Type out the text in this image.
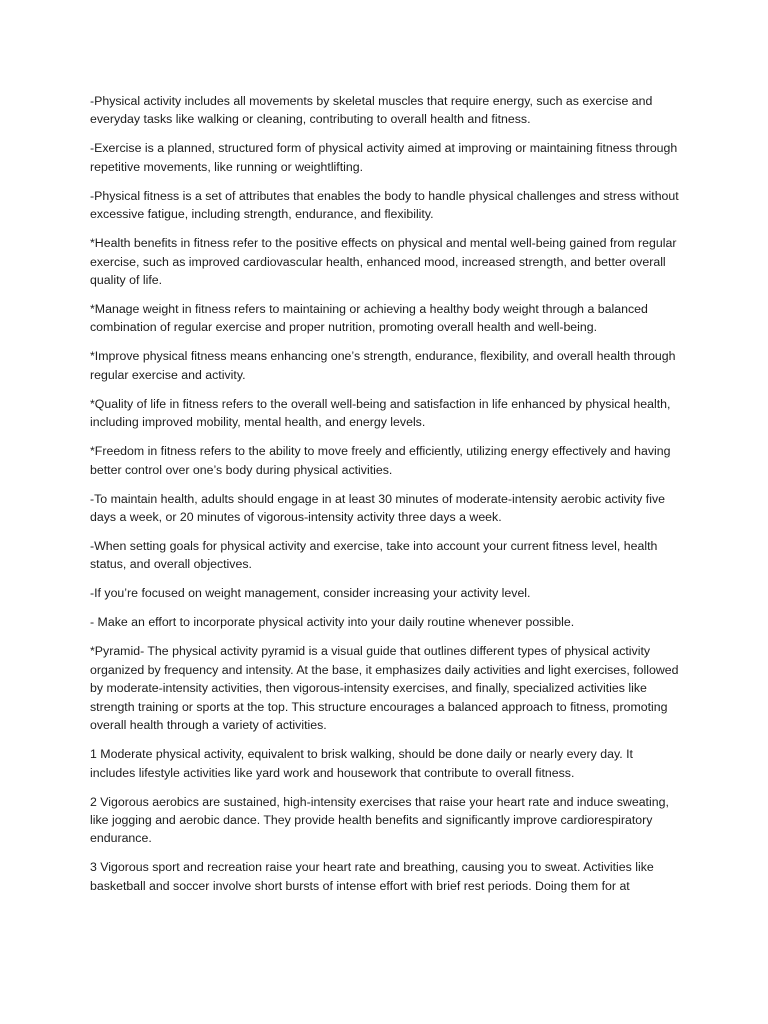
-Physical activity includes all movements by skeletal muscles that require energy, such as exercise and everyday tasks like walking or cleaning, contributing to overall health and fitness.

-Exercise is a planned, structured form of physical activity aimed at improving or maintaining fitness through repetitive movements, like running or weightlifting.

-Physical fitness is a set of attributes that enables the body to handle physical challenges and stress without excessive fatigue, including strength, endurance, and flexibility.

*Health benefits in fitness refer to the positive effects on physical and mental well-being gained from regular exercise, such as improved cardiovascular health, enhanced mood, increased strength, and better overall quality of life.

*Manage weight in fitness refers to maintaining or achieving a healthy body weight through a balanced combination of regular exercise and proper nutrition, promoting overall health and well-being.

*Improve physical fitness means enhancing one’s strength, endurance, flexibility, and overall health through regular exercise and activity.

*Quality of life in fitness refers to the overall well-being and satisfaction in life enhanced by physical health, including improved mobility, mental health, and energy levels.

*Freedom in fitness refers to the ability to move freely and efficiently, utilizing energy effectively and having better control over one’s body during physical activities.

-To maintain health, adults should engage in at least 30 minutes of moderate-intensity aerobic activity five days a week, or 20 minutes of vigorous-intensity activity three days a week.

-When setting goals for physical activity and exercise, take into account your current fitness level, health status, and overall objectives.

-If you’re focused on weight management, consider increasing your activity level.

- Make an effort to incorporate physical activity into your daily routine whenever possible.

*Pyramid- The physical activity pyramid is a visual guide that outlines different types of physical activity organized by frequency and intensity. At the base, it emphasizes daily activities and light exercises, followed by moderate-intensity activities, then vigorous-intensity exercises, and finally, specialized activities like strength training or sports at the top. This structure encourages a balanced approach to fitness, promoting overall health through a variety of activities.

1 Moderate physical activity, equivalent to brisk walking, should be done daily or nearly every day. It includes lifestyle activities like yard work and housework that contribute to overall fitness.

2 Vigorous aerobics are sustained, high-intensity exercises that raise your heart rate and induce sweating, like jogging and aerobic dance. They provide health benefits and significantly improve cardiorespiratory endurance.

3 Vigorous sport and recreation raise your heart rate and breathing, causing you to sweat. Activities like basketball and soccer involve short bursts of intense effort with brief rest periods. Doing them for at
